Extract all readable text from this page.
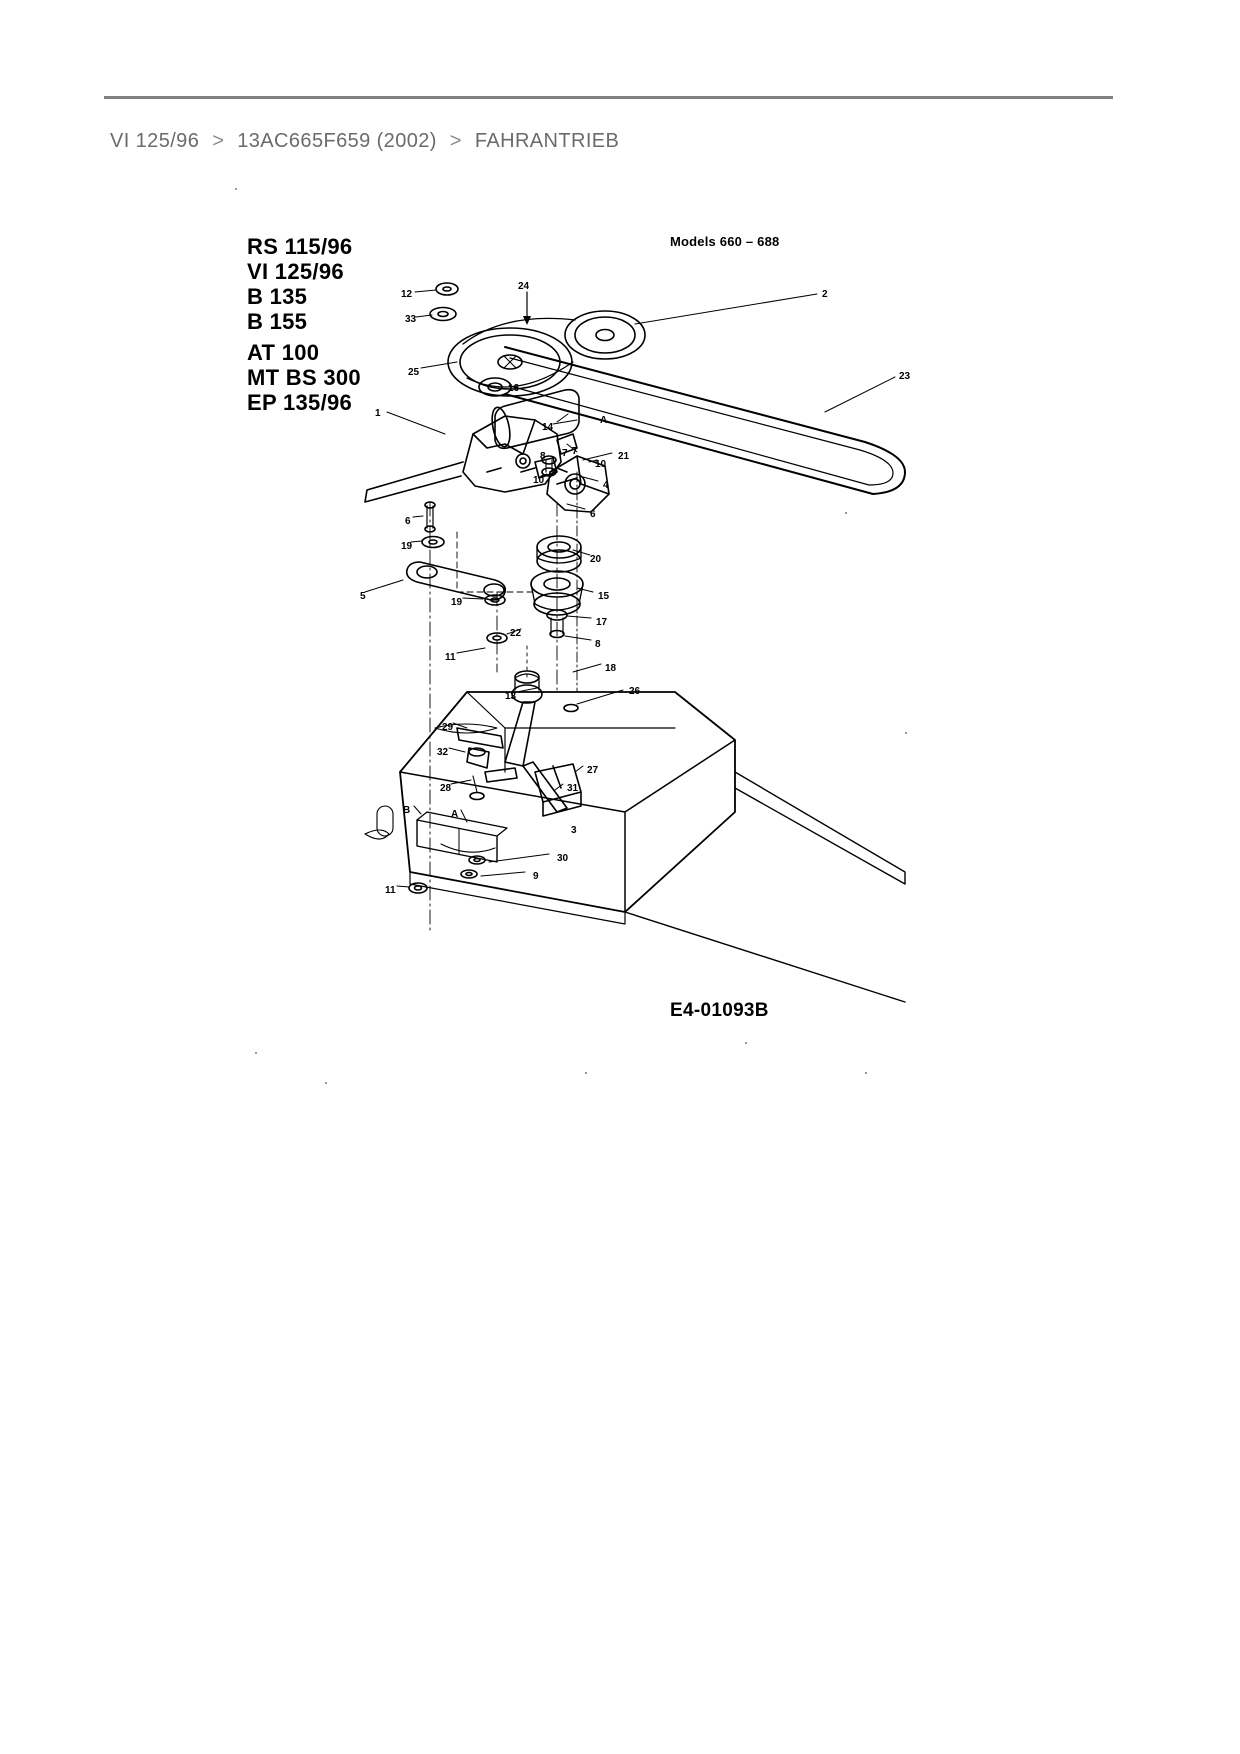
VI 125/96 > 13AC665F659 (2002) > FAHRANTRIEB
RS 115/96
VI 125/96
B 135
B 155
AT 100
MT BS 300
EP 135/96
Models 660 – 688
E4-01093B
12
33
24
2
25	23
16
1
14
A
7	21
8 7
10
10	4
6
6
19
20
5
19
15
17
22
8
11
18
13	26
29
32
28
27
31
B	A
3
30
9
11
